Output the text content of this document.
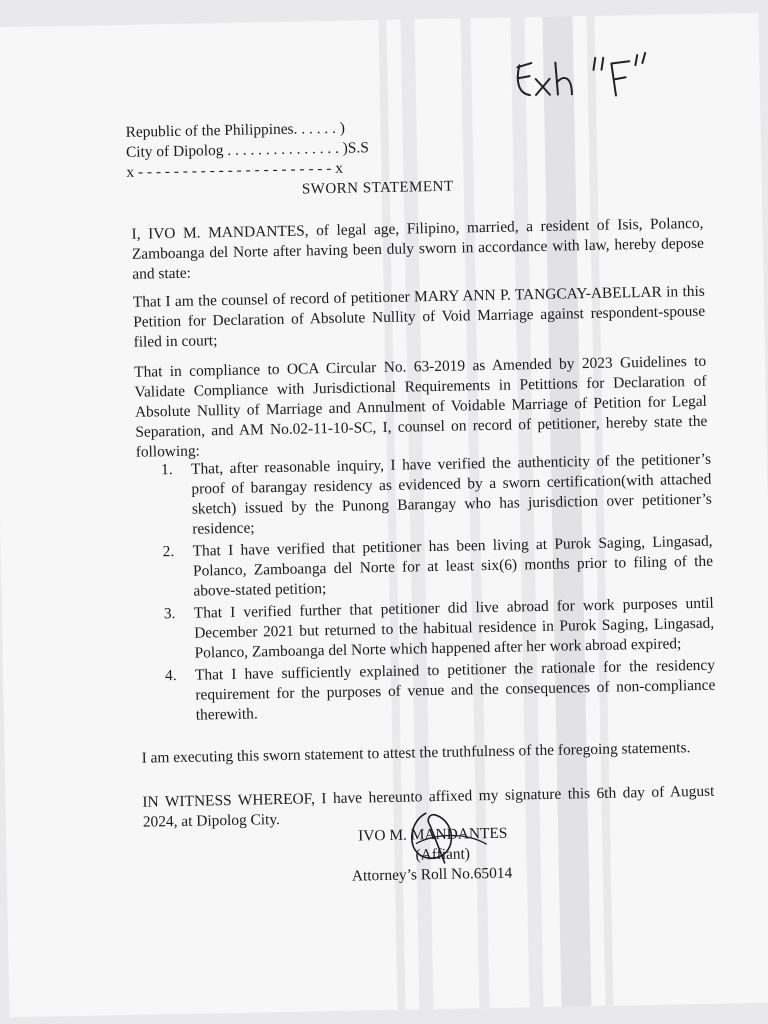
Republic of the Philippines. . . . . . )
City of Dipolog . . . . . . . . . . . . . . . )S.S
x - - - - - - - - - - - - - - - - - - - - - - x
SWORN STATEMENT
I, IVO M. MANDANTES, of legal age, Filipino, married, a resident of Isis, Polanco, Zamboanga del Norte after having been duly sworn in accordance with law, hereby depose and state:
That I am the counsel of record of petitioner MARY ANN P. TANGCAY-ABELLAR in this Petition for Declaration of Absolute Nullity of Void Marriage against respondent-spouse filed in court;
That in compliance to OCA Circular No. 63-2019 as Amended by 2023 Guidelines to Validate Compliance with Jurisdictional Requirements in Petittions for Declaration of Absolute Nullity of Marriage and Annulment of Voidable Marriage of Petition for Legal Separation, and AM No.02-11-10-SC, I, counsel on record of petitioner, hereby state the following:
1.	That, after reasonable inquiry, I have verified the authenticity of the petitioner’s proof of barangay residency as evidenced by a sworn certification(with attached sketch) issued by the Punong Barangay who has jurisdiction over petitioner’s residence;
2.	That I have verified that petitioner has been living at Purok Saging, Lingasad, Polanco, Zamboanga del Norte for at least six(6) months prior to filing of the above-stated petition;
3.	That I verified further that petitioner did live abroad for work purposes until December 2021 but returned to the habitual residence in Purok Saging, Lingasad, Polanco, Zamboanga del Norte which happened after her work abroad expired;
4.	That I have sufficiently explained to petitioner the rationale for the residency requirement for the purposes of venue and the consequences of non-compliance therewith.
I am executing this sworn statement to attest the truthfulness of the foregoing statements.
IN WITNESS WHEREOF, I have hereunto affixed my signature this 6th day of August 2024, at Dipolog City.
IVO M. MANDANTES
(Affiant)
Attorney’s Roll No.65014
